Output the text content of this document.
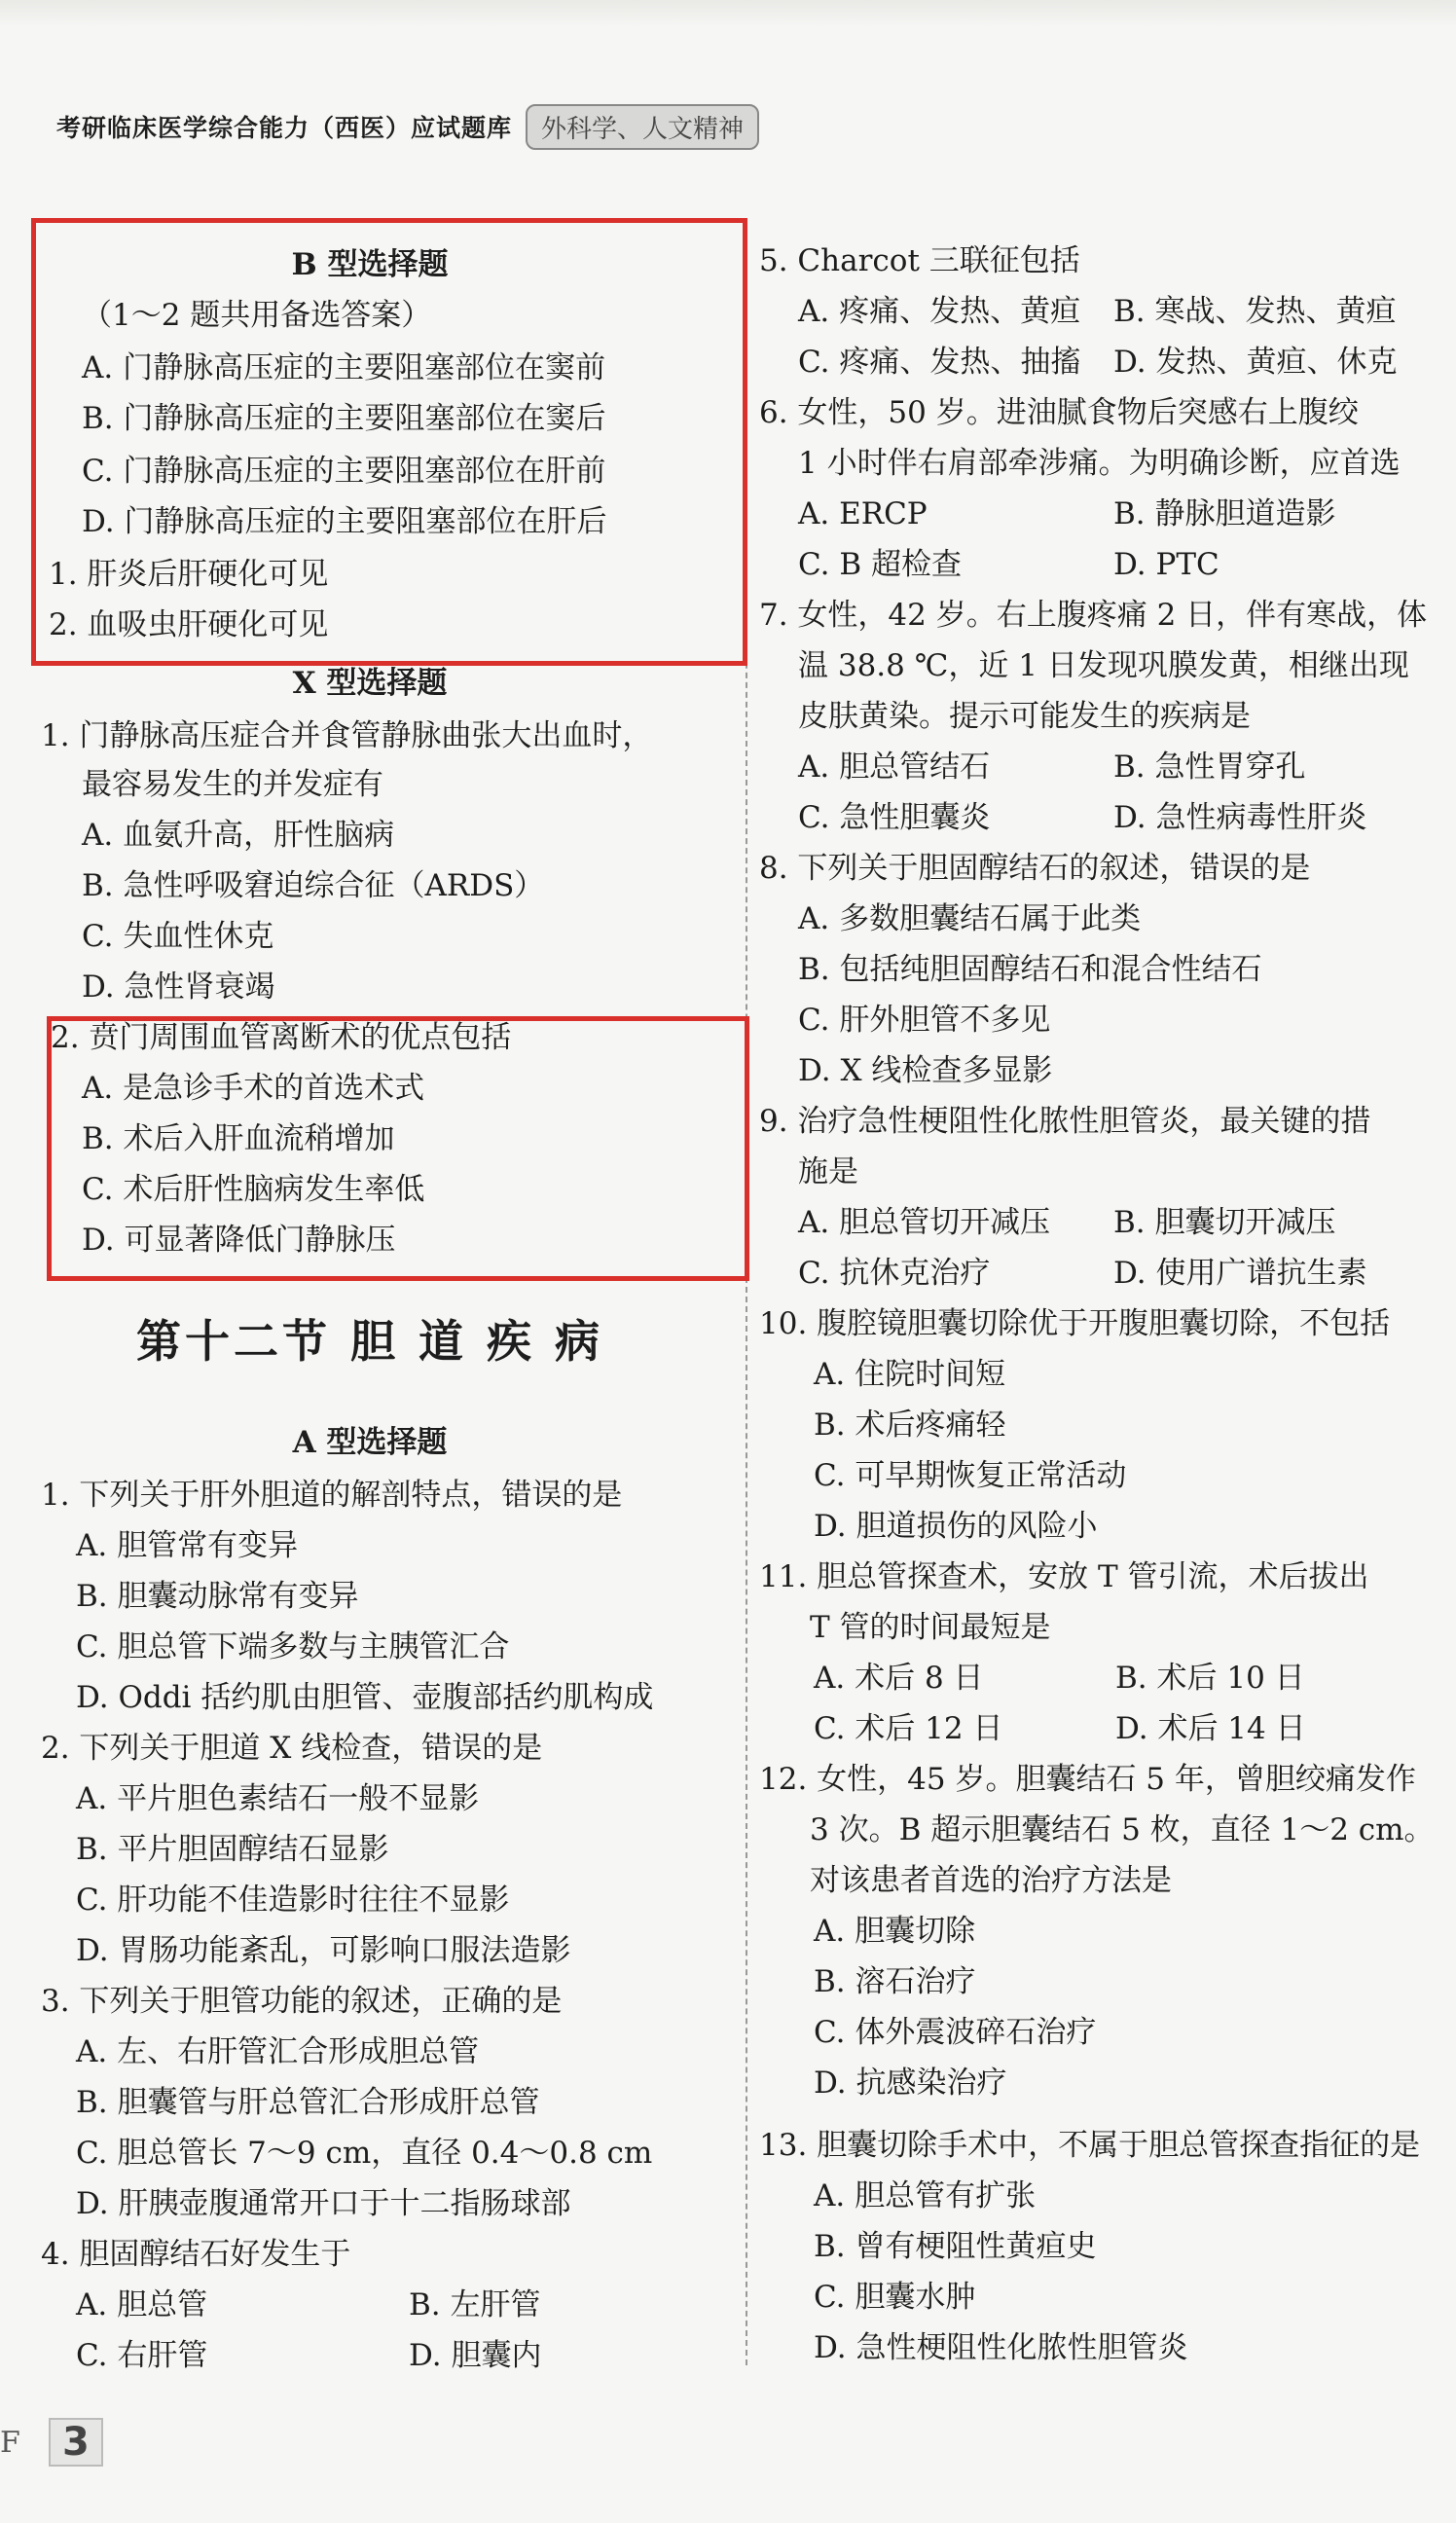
考研临床医学综合能力（西医）应试题库	外科学、人文精神
B 型选择题
（1～2 题共用备选答案）
A. 门静脉高压症的主要阻塞部位在窦前
B. 门静脉高压症的主要阻塞部位在窦后
C. 门静脉高压症的主要阻塞部位在肝前
D. 门静脉高压症的主要阻塞部位在肝后
1. 肝炎后肝硬化可见
2. 血吸虫肝硬化可见
X 型选择题
1. 门静脉高压症合并食管静脉曲张大出血时，
最容易发生的并发症有
A. 血氨升高，肝性脑病
B. 急性呼吸窘迫综合征（ARDS）
C. 失血性休克
D. 急性肾衰竭
2. 贲门周围血管离断术的优点包括
A. 是急诊手术的首选术式
B. 术后入肝血流稍增加
C. 术后肝性脑病发生率低
D. 可显著降低门静脉压
第十二节 胆 道 疾 病
A 型选择题
1. 下列关于肝外胆道的解剖特点，错误的是
A. 胆管常有变异
B. 胆囊动脉常有变异
C. 胆总管下端多数与主胰管汇合
D. Oddi 括约肌由胆管、壶腹部括约肌构成
2. 下列关于胆道 X 线检查，错误的是
A. 平片胆色素结石一般不显影
B. 平片胆固醇结石显影
C. 肝功能不佳造影时往往不显影
D. 胃肠功能紊乱，可影响口服法造影
3. 下列关于胆管功能的叙述，正确的是
A. 左、右肝管汇合形成胆总管
B. 胆囊管与肝总管汇合形成肝总管
C. 胆总管长 7～9 cm，直径 0.4～0.8 cm
D. 肝胰壶腹通常开口于十二指肠球部
4. 胆固醇结石好发生于
A. 胆总管	B. 左肝管
C. 右肝管	D. 胆囊内
5. Charcot 三联征包括
A. 疼痛、发热、黄疸 B. 寒战、发热、黄疸
C. 疼痛、发热、抽搐 D. 发热、黄疸、休克
6. 女性，50 岁。进油腻食物后突感右上腹绞
1 小时伴右肩部牵涉痛。为明确诊断，应首选
A. ERCP	B. 静脉胆道造影
C. B 超检查	D. PTC
7. 女性，42 岁。右上腹疼痛 2 日，伴有寒战，体
温 38.8 ℃，近 1 日发现巩膜发黄，相继出现
皮肤黄染。提示可能发生的疾病是
A. 胆总管结石	B. 急性胃穿孔
C. 急性胆囊炎	D. 急性病毒性肝炎
8. 下列关于胆固醇结石的叙述，错误的是
A. 多数胆囊结石属于此类
B. 包括纯胆固醇结石和混合性结石
C. 肝外胆管不多见
D. X 线检查多显影
9. 治疗急性梗阻性化脓性胆管炎，最关键的措
施是
A. 胆总管切开减压 B. 胆囊切开减压
C. 抗休克治疗	D. 使用广谱抗生素
10. 腹腔镜胆囊切除优于开腹胆囊切除，不包括
A. 住院时间短
B. 术后疼痛轻
C. 可早期恢复正常活动
D. 胆道损伤的风险小
11. 胆总管探查术，安放 T 管引流，术后拔出
T 管的时间最短是
A. 术后 8 日	B. 术后 10 日
C. 术后 12 日	D. 术后 14 日
12. 女性，45 岁。胆囊结石 5 年，曾胆绞痛发作
3 次。B 超示胆囊结石 5 枚，直径 1～2 cm。
对该患者首选的治疗方法是
A. 胆囊切除
B. 溶石治疗
C. 体外震波碎石治疗
D. 抗感染治疗
13. 胆囊切除手术中，不属于胆总管探查指征的是
A. 胆总管有扩张
B. 曾有梗阻性黄疸史
C. 胆囊水肿
D. 急性梗阻性化脓性胆管炎
F	3
